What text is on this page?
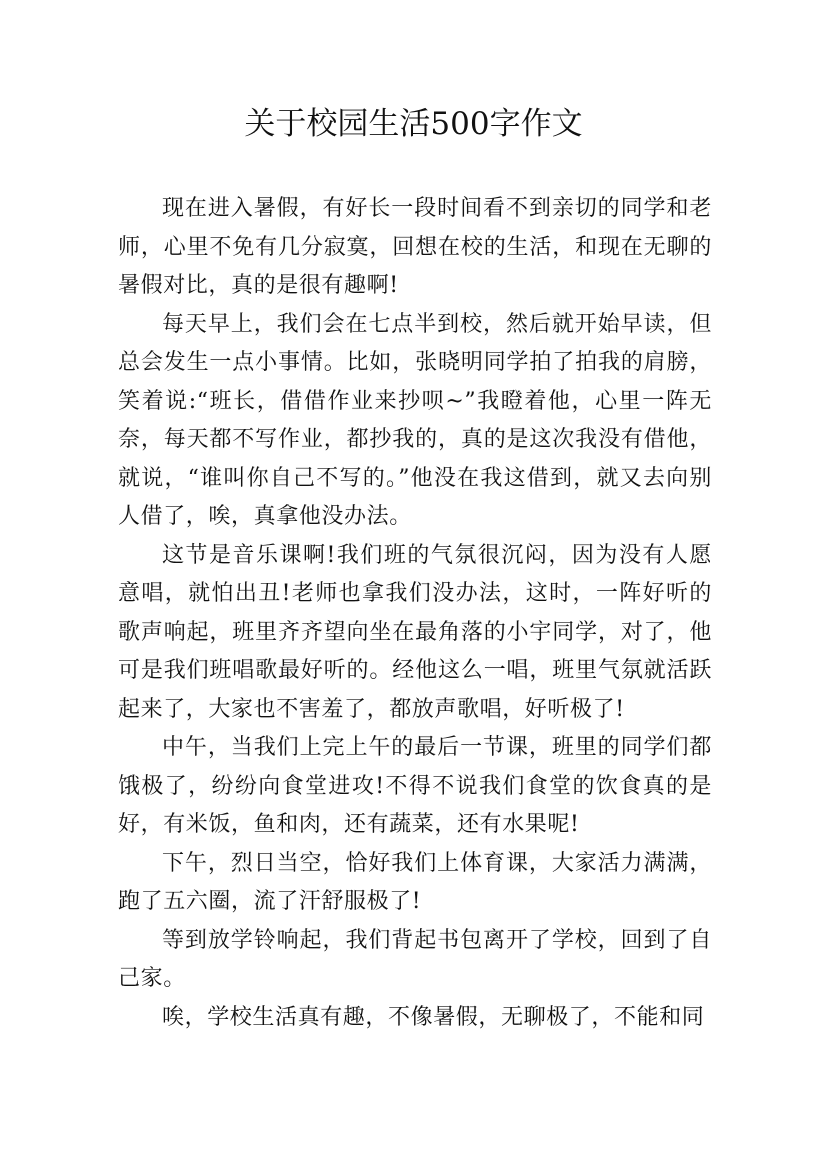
关于校园生活500字作文

现在进入暑假，有好长一段时间看不到亲切的同学和老师，心里不免有几分寂寞，回想在校的生活，和现在无聊的暑假对比，真的是很有趣啊!

每天早上，我们会在七点半到校，然后就开始早读，但总会发生一点小事情。比如，张晓明同学拍了拍我的肩膀，笑着说:“班长，借借作业来抄呗~”我瞪着他，心里一阵无奈，每天都不写作业，都抄我的，真的是这次我没有借他，就说，“谁叫你自己不写的。”他没在我这借到，就又去向别人借了，唉，真拿他没办法。

这节是音乐课啊!我们班的气氛很沉闷，因为没有人愿意唱，就怕出丑!老师也拿我们没办法，这时，一阵好听的歌声响起，班里齐齐望向坐在最角落的小宇同学，对了，他可是我们班唱歌最好听的。经他这么一唱，班里气氛就活跃起来了，大家也不害羞了，都放声歌唱，好听极了!

中午，当我们上完上午的最后一节课，班里的同学们都饿极了，纷纷向食堂进攻!不得不说我们食堂的饮食真的是好，有米饭，鱼和肉，还有蔬菜，还有水果呢!

下午，烈日当空，恰好我们上体育课，大家活力满满，跑了五六圈，流了汗舒服极了!

等到放学铃响起，我们背起书包离开了学校，回到了自己家。

唉，学校生活真有趣，不像暑假，无聊极了，不能和同
